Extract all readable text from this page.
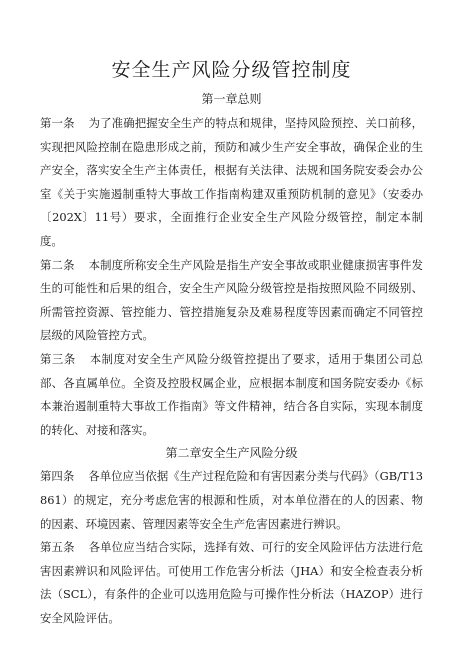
安全生产风险分级管控制度
第一章总则

第一条 为了准确把握安全生产的特点和规律，坚持风险预控、关口前移，实现把风险控制在隐患形成之前，预防和减少生产安全事故，确保企业的生产安全，落实安全生产主体责任，根据有关法律、法规和国务院安委会办公室《关于实施遏制重特大事故工作指南构建双重预防机制的意见》（安委办〔202X〕11号）要求，全面推行企业安全生产风险分级管控，制定本制度。

第二条 本制度所称安全生产风险是指生产安全事故或职业健康损害事件发生的可能性和后果的组合，安全生产风险分级管控是指按照风险不同级别、所需管控资源、管控能力、管控措施复杂及难易程度等因素而确定不同管控层级的风险管控方式。

第三条 本制度对安全生产风险分级管控提出了要求，适用于集团公司总部、各直属单位。全资及控股权属企业，应根据本制度和国务院安委办《标本兼治遏制重特大事故工作指南》等文件精神，结合各自实际，实现本制度的转化、对接和落实。

第二章安全生产风险分级

第四条 各单位应当依据《生产过程危险和有害因素分类与代码》（GB/T13861）的规定，充分考虑危害的根源和性质，对本单位潜在的人的因素、物的因素、环境因素、管理因素等安全生产危害因素进行辨识。

第五条 各单位应当结合实际，选择有效、可行的安全风险评估方法进行危害因素辨识和风险评估。可使用工作危害分析法（JHA）和安全检查表分析法（SCL），有条件的企业可以选用危险与可操作性分析法（HAZOP）进行安全风险评估。
